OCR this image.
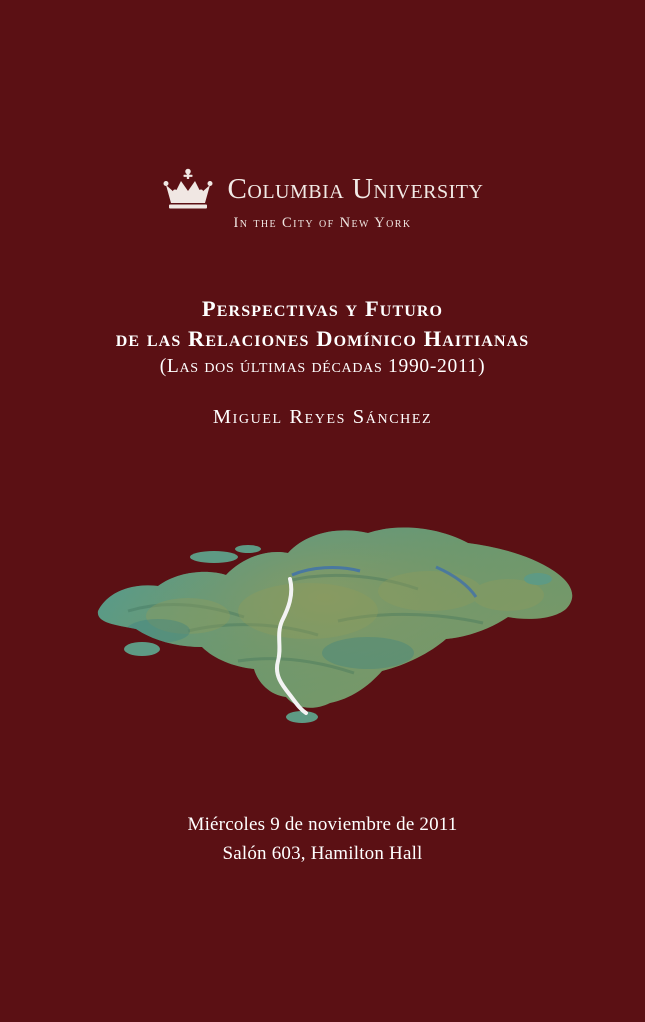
Columbia University
In the City of New York
Perspectivas y Futuro
de las Relaciones Domínico Haitianas
(Las dos últimas décadas 1990-2011)
Miguel Reyes Sánchez
Miércoles 9 de noviembre de 2011
Salón 603, Hamilton Hall
